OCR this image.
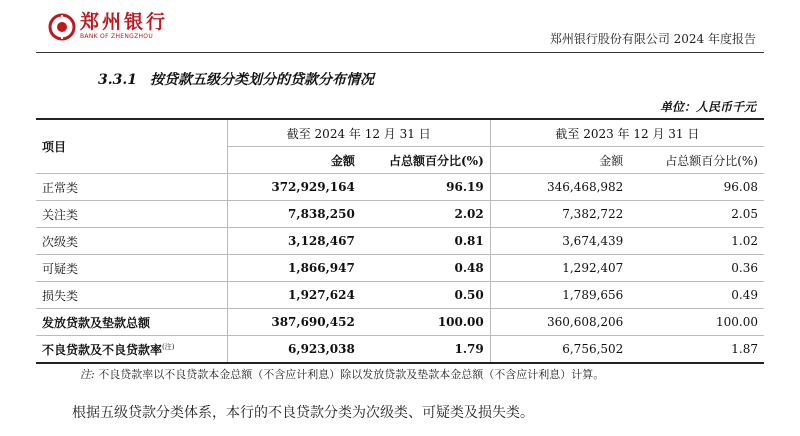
郑州银行
BANK OF ZHENGZHOU	郑州银行股份有限公司 2024 年度报告
3.3.1 按贷款五级分类划分的贷款分布情况
单位：人民币千元
项目	截至 2024 年 12 月 31 日		截至 2023 年 12 月 31 日	
	金额	占总额百分比(%)	金额	占总额百分比(%)
正常类	372,929,164	96.19	346,468,982	96.08
关注类	7,838,250	2.02	7,382,722	2.05
次级类	3,128,467	0.81	3,674,439	1.02
可疑类	1,866,947	0.48	1,292,407	0.36
损失类	1,927,624	0.50	1,789,656	0.49
发放贷款及垫款总额	387,690,452	100.00	360,608,206	100.00
不良贷款及不良贷款率$^{(注)}$	6,923,038	1.79	6,756,502	1.87
注: 不良贷款率以不良贷款本金总额（不含应计利息）除以发放贷款及垫款本金总额（不含应计利息）计算。
根据五级贷款分类体系，本行的不良贷款分类为次级类、可疑类及损失类。
